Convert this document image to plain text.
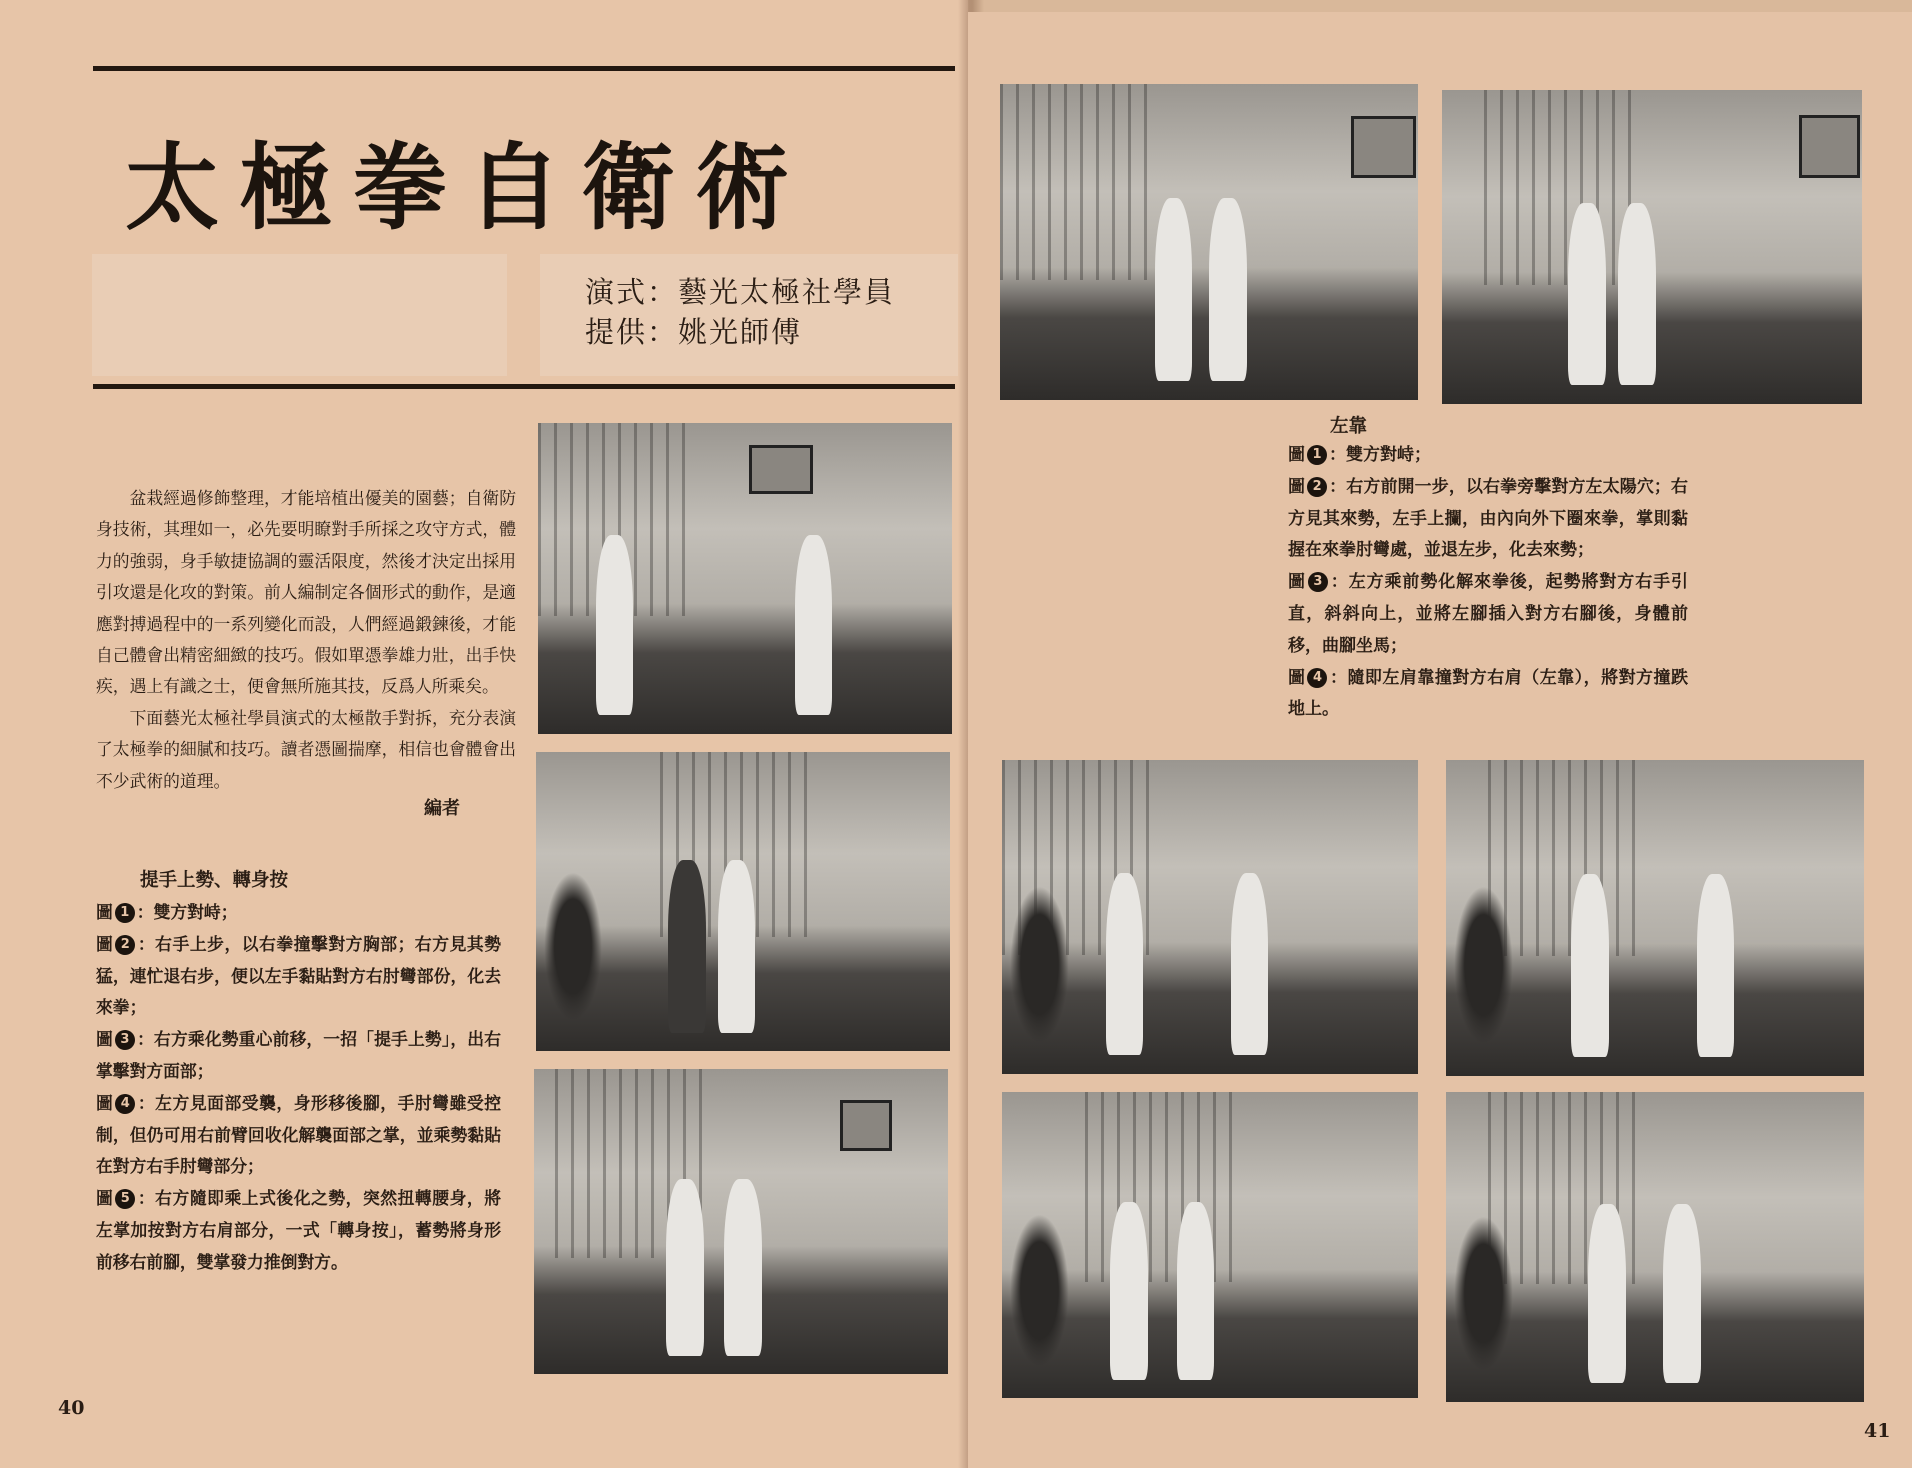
太極拳自衛術
演式：藝光太極社學員
提供：姚光師傅

盆栽經過修飾整理，才能培植出優美的園藝；自衛防身技術，其理如一，必先要明瞭對手所採之攻守方式，體力的強弱，身手敏捷協調的靈活限度，然後才決定出採用引攻還是化攻的對策。前人編制定各個形式的動作，是適應對搏過程中的一系列變化而設，人們經過鍛鍊後，才能自己體會出精密細緻的技巧。假如單憑拳雄力壯，出手快疾，遇上有識之士，便會無所施其技，反爲人所乘矣。

下面藝光太極社學員演式的太極散手對拆，充分表演了太極拳的細膩和技巧。讀者憑圖揣摩，相信也會體會出不少武術的道理。

編者
提手上勢、轉身按
圖 1 ：雙方對峙；
圖 2 ：右手上步，以右拳撞擊對方胸部；右方見其勢猛，連忙退右步，便以左手黏貼對方右肘彎部份，化去來拳；
圖 3 ：右方乘化勢重心前移，一招「提手上勢」，出右掌擊對方面部；
圖 4 ：左方見面部受襲，身形移後腳，手肘彎雖受控制，但仍可用右前臂回收化解襲面部之掌，並乘勢黏貼在對方右手肘彎部分；
圖 5 ：右方隨即乘上式後化之勢，突然扭轉腰身，將左掌加按對方右肩部分，一式「轉身按」，蓄勢將身形前移右前腳，雙掌發力推倒對方。
40
左靠
圖 1 ：雙方對峙；
圖 2 ：右方前開一步，以右拳旁擊對方左太陽穴；右方見其來勢，左手上攔，由內向外下圈來拳，掌則黏握在來拳肘彎處，並退左步，化去來勢；
圖 3 ：左方乘前勢化解來拳後，起勢將對方右手引直，斜斜向上，並將左腳插入對方右腳後，身體前移，曲腳坐馬；
圖 4 ：隨即左肩靠撞對方右肩（左靠），將對方撞跌地上。
41
